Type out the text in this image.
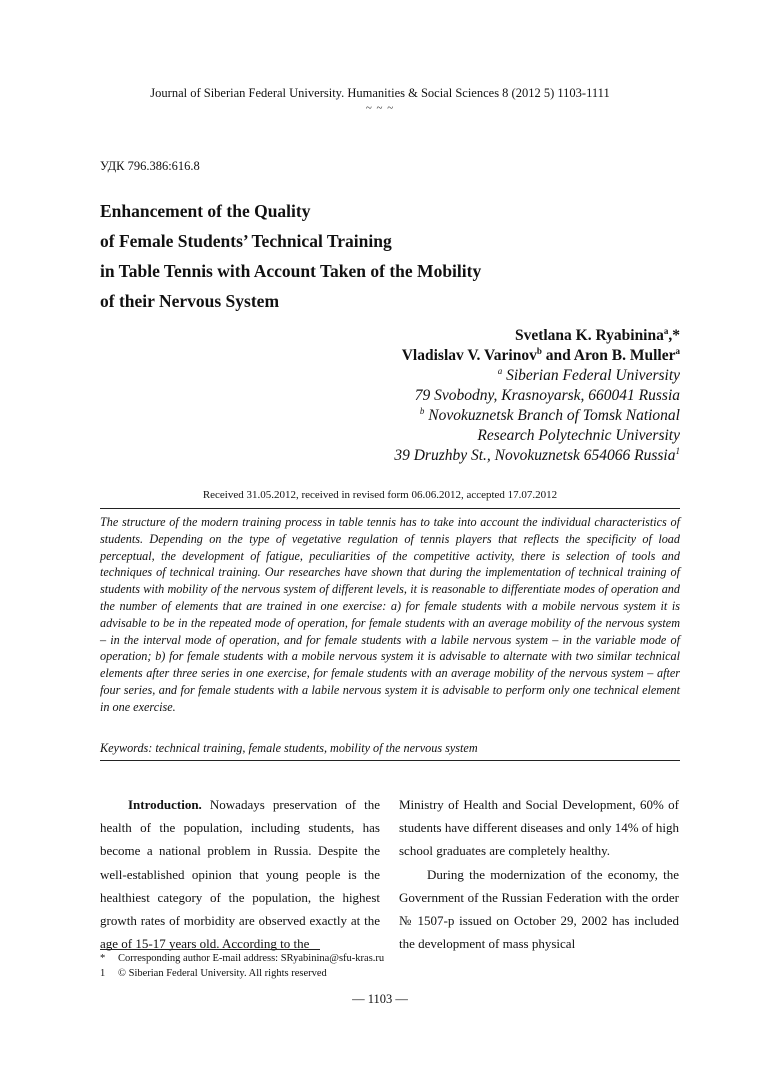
Journal of Siberian Federal University. Humanities & Social Sciences 8 (2012 5) 1103-1111
~ ~ ~
УДК 796.386:616.8
Enhancement of the Quality
of Female Students’ Technical Training
in Table Tennis with Account Taken of the Mobility
of their Nervous System
Svetlana K. Ryabinina$^a$,*
Vladislav V. Varinov$^b$ and Aron B. Muller$^a$
$^a$ Siberian Federal University
79 Svobodny, Krasnoyarsk, 660041 Russia
$^b$ Novokuznetsk Branch of Tomsk National
Research Polytechnic University
39 Druzhby St., Novokuznetsk 654066 Russia$^1$
Received 31.05.2012, received in revised form 06.06.2012, accepted 17.07.2012
The structure of the modern training process in table tennis has to take into account the individual characteristics of students. Depending on the type of vegetative regulation of tennis players that reflects the specificity of load perceptual, the development of fatigue, peculiarities of the competitive activity, there is selection of tools and techniques of technical training. Our researches have shown that during the implementation of technical training of students with mobility of the nervous system of different levels, it is reasonable to differentiate modes of operation and the number of elements that are trained in one exercise: a) for female students with a mobile nervous system it is advisable to be in the repeated mode of operation, for female students with an average mobility of the nervous system – in the interval mode of operation, and for female students with a labile nervous system – in the variable mode of operation; b) for female students with a mobile nervous system it is advisable to alternate with two similar technical elements after three series in one exercise, for female students with an average mobility of the nervous system – after four series, and for female students with a labile nervous system it is advisable to perform only one technical element in one exercise.
Keywords: technical training, female students, mobility of the nervous system

Introduction. Nowadays preservation of the health of the population, including students, has become a national problem in Russia. Despite the well-established opinion that young people is the healthiest category of the population, the highest growth rates of morbidity are observed exactly at the age of 15-17 years old. According to the

Ministry of Health and Social Development, 60% of students have different diseases and only 14% of high school graduates are completely healthy.

During the modernization of the economy, the Government of the Russian Federation with the order № 1507-р issued on October 29, 2002 has included the development of mass physical

* Corresponding author E-mail address: SRyabinina@sfu-kras.ru
1 © Siberian Federal University. All rights reserved
— 1103 —
